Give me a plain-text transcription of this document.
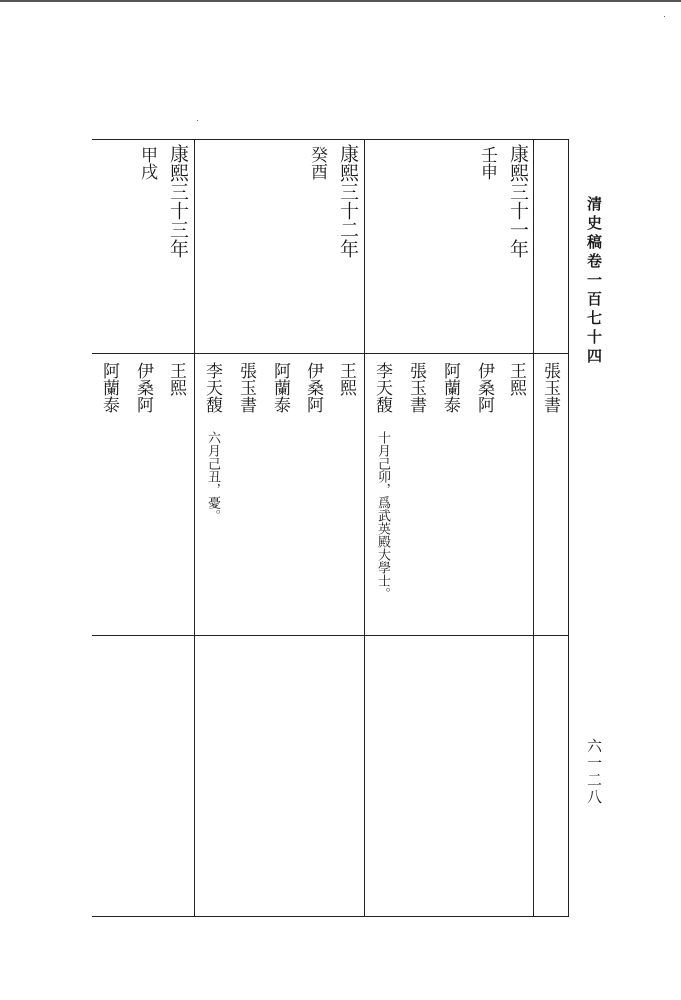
清史稿卷一百七十四
六一二八
康熙三十一年
壬申
張玉書
王熙
伊桑阿
阿蘭泰
張玉書
李天馥
十月己卯，爲武英殿大學士。
康熙三十二年
癸酉
王熙
伊桑阿
阿蘭泰
張玉書
李天馥
六月己丑，憂。
康熙三十三年
甲戌
王熙
伊桑阿
阿蘭泰
